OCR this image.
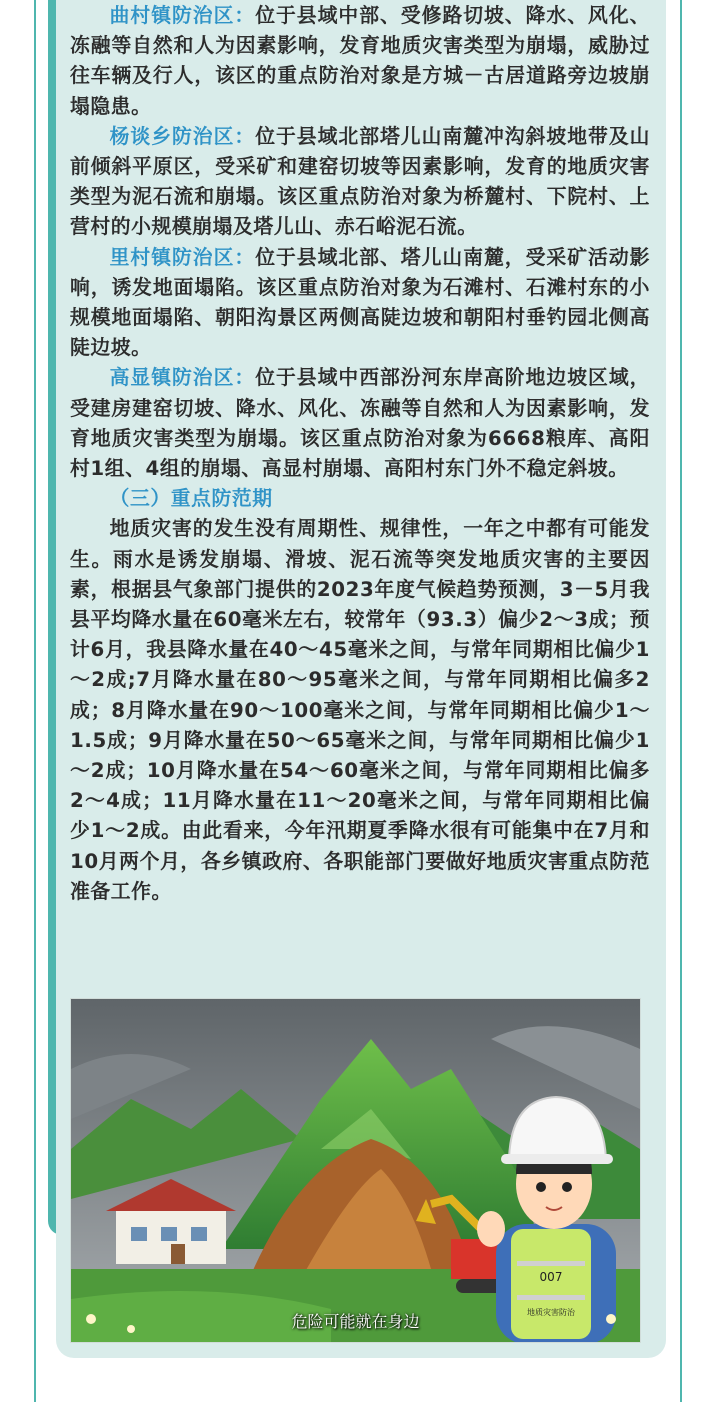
曲村镇防治区：位于县域中部、受修路切坡、降水、风化、冻融等自然和人为因素影响，发育地质灾害类型为崩塌，威胁过往车辆及行人，该区的重点防治对象是方城－古居道路旁边坡崩塌隐患。

杨谈乡防治区：位于县域北部塔儿山南麓冲沟斜坡地带及山前倾斜平原区，受采矿和建窑切坡等因素影响，发育的地质灾害类型为泥石流和崩塌。该区重点防治对象为桥麓村、下院村、上营村的小规模崩塌及塔儿山、赤石峪泥石流。

里村镇防治区：位于县域北部、塔儿山南麓，受采矿活动影响，诱发地面塌陷。该区重点防治对象为石滩村、石滩村东的小规模地面塌陷、朝阳沟景区两侧高陡边坡和朝阳村垂钓园北侧高陡边坡。

高显镇防治区：位于县域中西部汾河东岸高阶地边坡区域，受建房建窑切坡、降水、风化、冻融等自然和人为因素影响，发育地质灾害类型为崩塌。该区重点防治对象为6668粮库、高阳村1组、4组的崩塌、高显村崩塌、高阳村东门外不稳定斜坡。

（三）重点防范期

地质灾害的发生没有周期性、规律性，一年之中都有可能发生。雨水是诱发崩塌、滑坡、泥石流等突发地质灾害的主要因素，根据县气象部门提供的2023年度气候趋势预测，3－5月我县平均降水量在60毫米左右，较常年（93.3）偏少2～3成；预计6月，我县降水量在40～45毫米之间，与常年同期相比偏少1～2成;7月降水量在80～95毫米之间，与常年同期相比偏多2成；8月降水量在90～100毫米之间，与常年同期相比偏少1～1.5成；9月降水量在50～65毫米之间，与常年同期相比偏少1～2成；10月降水量在54～60毫米之间，与常年同期相比偏多2～4成；11月降水量在11～20毫米之间，与常年同期相比偏少1～2成。由此看来，今年汛期夏季降水很有可能集中在7月和10月两个月，各乡镇政府、各职能部门要做好地质灾害重点防范准备工作。

007
地质灾害防治
危险可能就在身边
